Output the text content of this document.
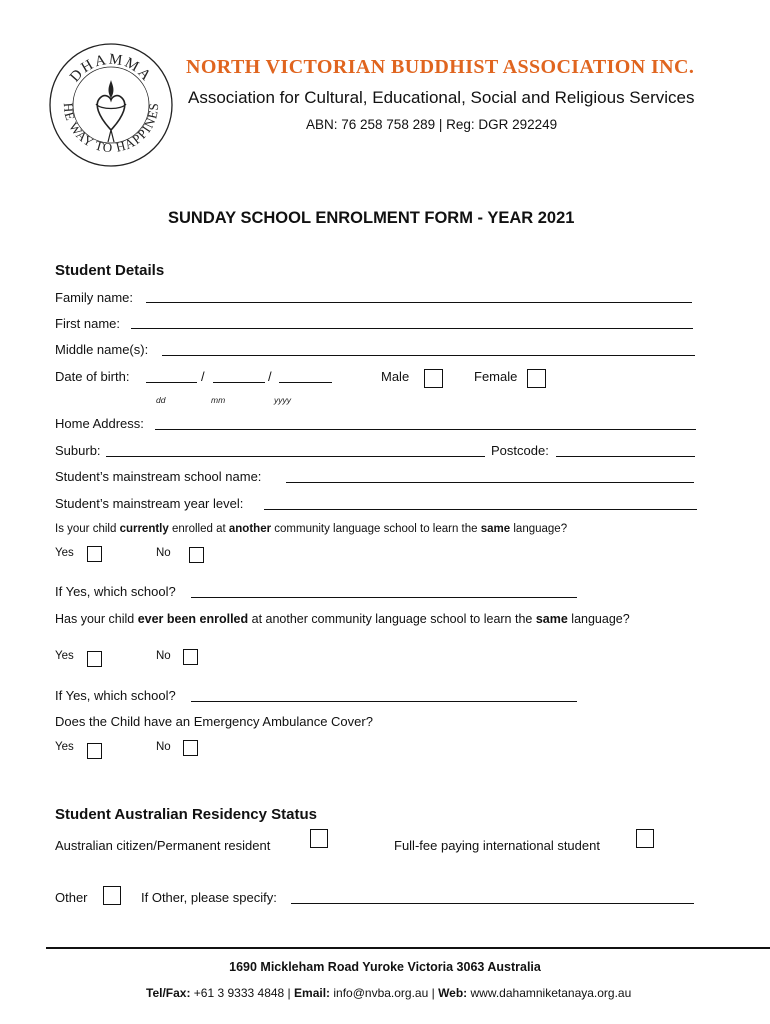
DHAMMA
HE WAY TO HAPPINES
NORTH VICTORIAN BUDDHIST ASSOCIATION INC.
Association for Cultural, Educational, Social and Religious Services
ABN: 76 258 758 289 | Reg: DGR 292249
SUNDAY SCHOOL ENROLMENT FORM - YEAR 2021
Student Details
Family name:
First name:
Middle name(s):
Date of birth:	/	/
dd	mm	yyyy
Male	Female
Home Address:
Suburb:	Postcode:
Student’s mainstream school name:
Student’s mainstream year level:
Is your child currently enrolled at another community language school to learn the same language?
Yes	No
If Yes, which school?
Has your child ever been enrolled at another community language school to learn the same language?
Yes	No
If Yes, which school?
Does the Child have an Emergency Ambulance Cover?
Yes	No
Student Australian Residency Status
Australian citizen/Permanent resident	Full-fee paying international student
Other	If Other, please specify:
1690 Mickleham Road Yuroke Victoria 3063 Australia
Tel/Fax: +61 3 9333 4848 | Email: info@nvba.org.au | Web: www.dahamniketanaya.org.au
